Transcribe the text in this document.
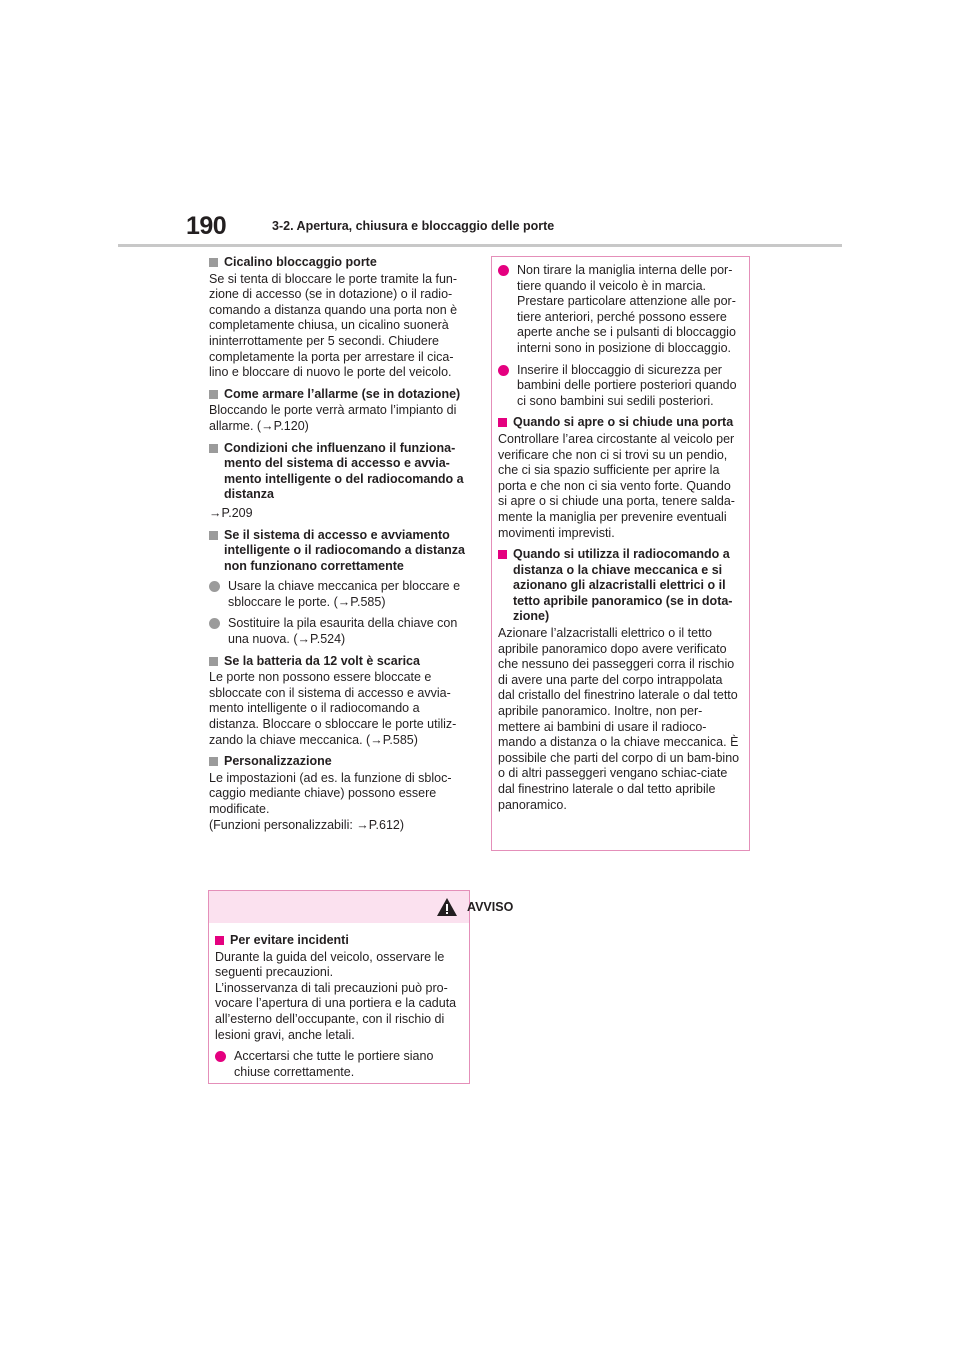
190	3-2. Apertura, chiusura e bloccaggio delle porte

Cicalino bloccaggio porte

Se si tenta di bloccare le porte tramite la fun-zione di accesso (se in dotazione) o il radio-comando a distanza quando una porta non è completamente chiusa, un cicalino suonerà ininterrottamente per 5 secondi. Chiudere completamente la porta per arrestare il cica-lino e bloccare di nuovo le porte del veicolo.

Come armare l’allarme (se in dotazione)

Bloccando le porte verrà armato l’impianto di allarme. (→P.120)

Condizioni che influenzano il funziona-mento del sistema di accesso e avvia-mento intelligente o del radiocomando a distanza

→P.209

Se il sistema di accesso e avviamento intelligente o il radiocomando a distanza non funzionano correttamente

Usare la chiave meccanica per bloccare e sbloccare le porte. (→P.585)

Sostituire la pila esaurita della chiave con una nuova. (→P.524)

Se la batteria da 12 volt è scarica

Le porte non possono essere bloccate e sbloccate con il sistema di accesso e avvia-mento intelligente o il radiocomando a distanza. Bloccare o sbloccare le porte utiliz-zando la chiave meccanica. (→P.585)

Personalizzazione

Le impostazioni (ad es. la funzione di sbloc-caggio mediante chiave) possono essere modificate.

(Funzioni personalizzabili: →P.612)

AVVISO

Per evitare incidenti

Durante la guida del veicolo, osservare le seguenti precauzioni.

L’inosservanza di tali precauzioni può pro-vocare l’apertura di una portiera e la caduta all’esterno dell’occupante, con il rischio di lesioni gravi, anche letali.

Accertarsi che tutte le portiere siano chiuse correttamente.

Non tirare la maniglia interna delle por-tiere quando il veicolo è in marcia. Prestare particolare attenzione alle por-tiere anteriori, perché possono essere aperte anche se i pulsanti di bloccaggio interni sono in posizione di bloccaggio.

Inserire il bloccaggio di sicurezza per bambini delle portiere posteriori quando ci sono bambini sui sedili posteriori.

Quando si apre o si chiude una porta

Controllare l’area circostante al veicolo per verificare che non ci si trovi su un pendio, che ci sia spazio sufficiente per aprire la porta e che non ci sia vento forte. Quando si apre o si chiude una porta, tenere salda-mente la maniglia per prevenire eventuali movimenti imprevisti.

Quando si utilizza il radiocomando a distanza o la chiave meccanica e si azionano gli alzacristalli elettrici o il tetto apribile panoramico (se in dota-zione)

Azionare l’alzacristalli elettrico o il tetto apribile panoramico dopo avere verificato che nessuno dei passeggeri corra il rischio di avere una parte del corpo intrappolata dal cristallo del finestrino laterale o dal tetto apribile panoramico. Inoltre, non per-mettere ai bambini di usare il radioco-mando a distanza o la chiave meccanica. È possibile che parti del corpo di un bam-bino o di altri passeggeri vengano schiac-ciate dal finestrino laterale o dal tetto apribile panoramico.
